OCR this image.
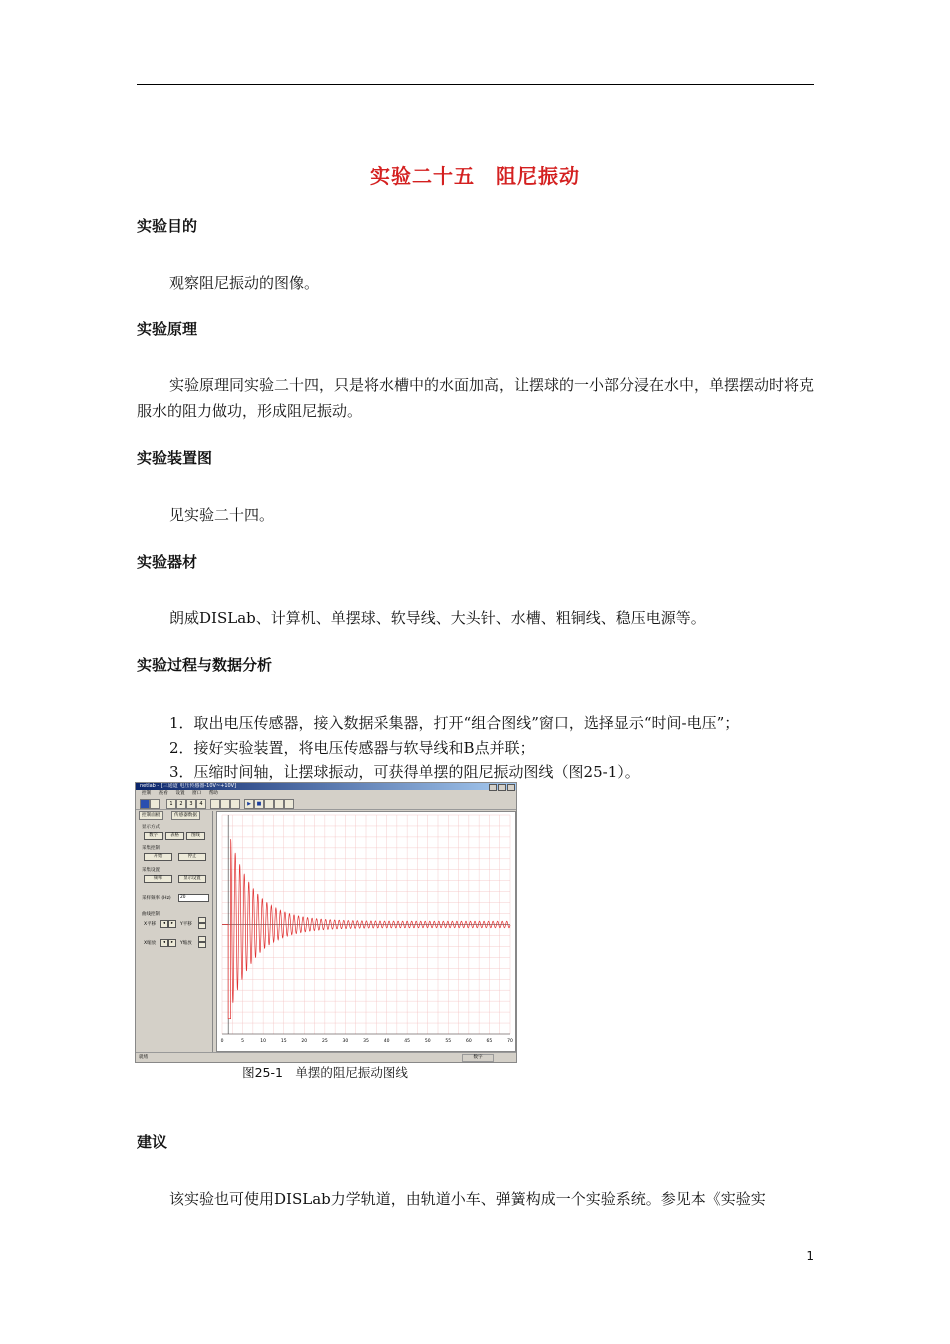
实验二十五　阻尼振动
实验目的
观察阻尼振动的图像。
实验原理
实验原理同实验二十四，只是将水槽中的水面加高，让摆球的一小部分浸在水中，单摆摆动时将克服水的阻力做功，形成阻尼振动。
实验装置图
见实验二十四。
实验器材
朗威DISLab、计算机、单摆球、软导线、大头针、水槽、粗铜线、稳压电源等。
实验过程与数据分析
1．取出电压传感器，接入数据采集器，打开“组合图线”窗口，选择显示“时间-电压”；
2．接好实验装置，将电压传感器与软导线和B点并联；
3．压缩时间轴，让摆球振动，可获得单摆的阻尼振动图线（图25-1）。
netlab - [三通道 电压传感器-10V~+10V]
控制 查看 设置 窗口 帮助
1	2	3	4	▶	■
控制面板	传感器数据
显示方式
数字	表格	图线
采集控制
开始	停止
采集设置
频率	显示设置
采样频率 (Hz)	20
曲线控制
X平移	◂	▸	Y平移
X缩放	◂	▸	Y缩放
0	5	10	15	20	25	30	35	40	45	50	55	60	65	70
就绪	数字
图25-1　单摆的阻尼振动图线
建议
该实验也可使用DISLab力学轨道，由轨道小车、弹簧构成一个实验系统。参见本《实验实
1
